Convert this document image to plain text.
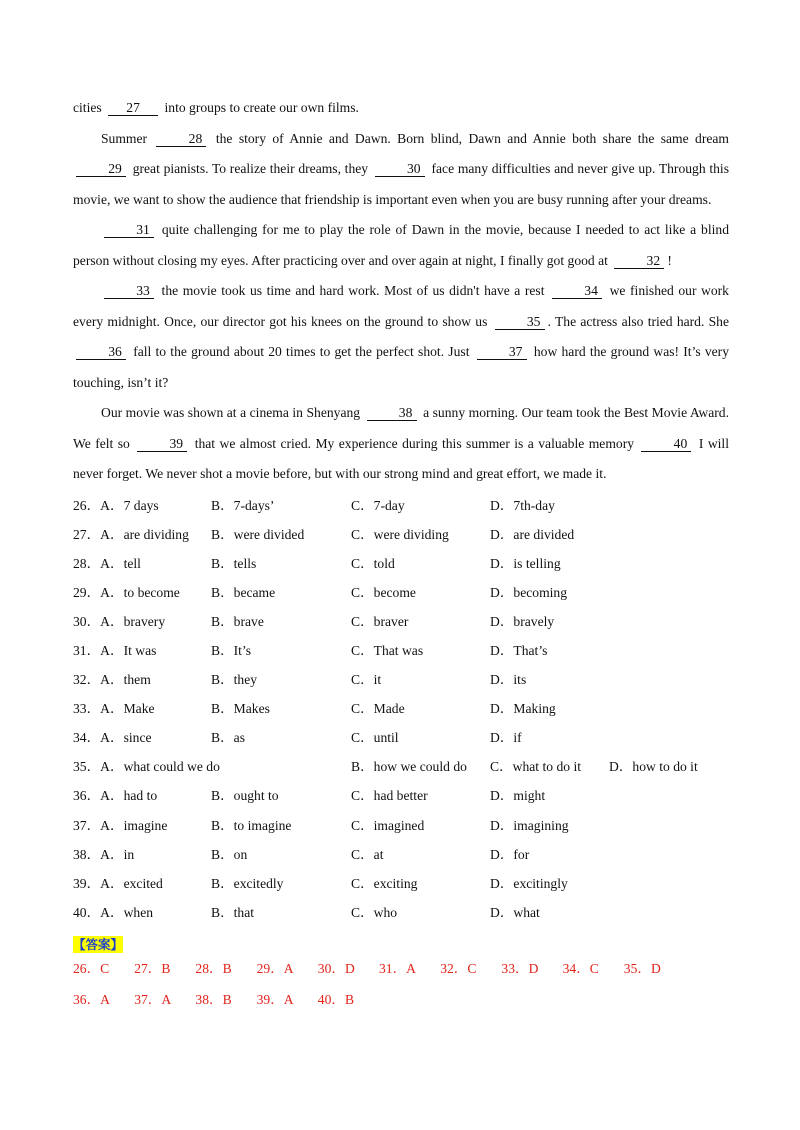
cities 27 into groups to create our own films.

Summer	28 the story of Annie and Dawn. Born blind, Dawn and Annie both share the same dream 29 great pianists. To realize their dreams, they	30 face many difficulties and never give up. Through this movie, we want to show the audience that friendship is important even when you are busy running after your dreams.

31 quite challenging for me to play the role of Dawn in the movie, because I needed to act like a blind person without closing my eyes. After practicing over and over again at night, I finally got good at	32 !

33 the movie took us time and hard work. Most of us didn't have a rest	34 we finished our work every midnight. Once, our director got his knees on the ground to show us	35 . The actress also tried hard. She 36 fall to the ground about 20 times to get the perfect shot. Just	37 how hard the ground was! It’s very touching, isn’t it?

Our movie was shown at a cinema in Shenyang	38 a sunny morning. Our team took the Best Movie Award. We felt so	39 that we almost cried. My experience during this summer is a valuable memory	40 I will never forget. We never shot a movie before, but with our strong mind and great effort, we made it.

26．A．7 days	B．7-days’	C．7-day	D．7th-day
27．A．are dividing B．were divided	C．were dividing	D．are divided
28．A．tell	B．tells	C．told	D．is telling
29．A．to become B．became	C．become	D．becoming
30．A．bravery	B．brave	C．braver	D．bravely
31．A．It was	B．It’s	C．That was	D．That’s
32．A．them	B．they	C．it	D．its
33．A．Make	B．Makes	C．Made	D．Making
34．A．since	B．as	C．until	D．if
35．A．what could we do	B．how we could do C．what to do it D．how to do it
36．A．had to	B．ought to	C．had better	D．might
37．A．imagine	B．to imagine	C．imagined	D．imagining
38．A．in	B．on	C．at	D．for
39．A．excited	B．excitedly	C．exciting	D．excitingly
40．A．when	B．that	C．who	D．what
【答案】
26．C 27．B 28．B 29．A 30．D 31．A 32．C 33．D 34．C 35．D
36．A 37．A 38．B 39．A 40．B
